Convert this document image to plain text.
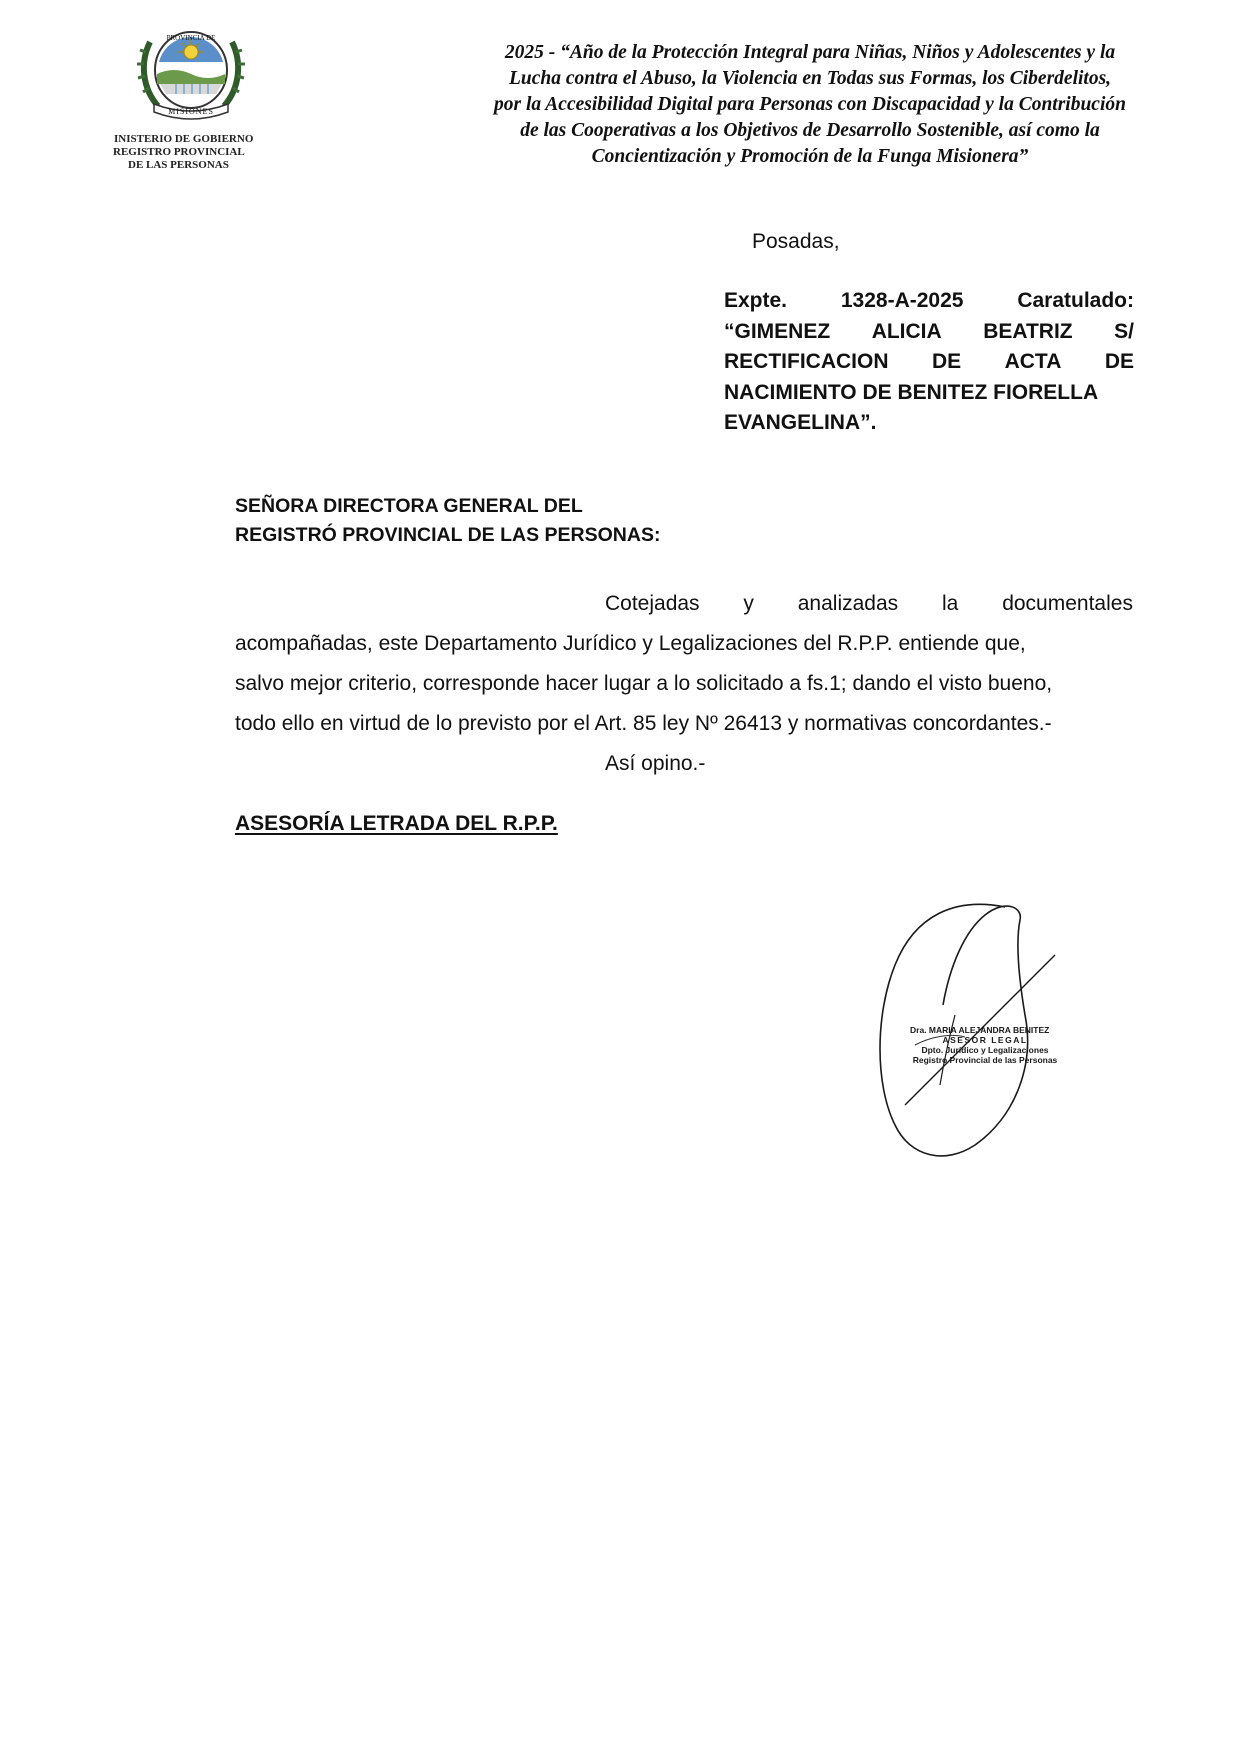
PROVINCIA DE
MISIONES
INISTERIO DE GOBIERNO
REGISTRO PROVINCIAL
DE LAS PERSONAS
2025 - “Año de la Protección Integral para Niñas, Niños y Adolescentes y la
Lucha contra el Abuso, la Violencia en Todas sus Formas, los Ciberdelitos,
por la Accesibilidad Digital para Personas con Discapacidad y la Contribución
de las Cooperativas a los Objetivos de Desarrollo Sostenible, así como la
Concientización y Promoción de la Funga Misionera”
Posadas,
Expte.	1328-A-2025	Caratulado:
“GIMENEZ ALICIA BEATRIZ S/
RECTIFICACION DE ACTA DE
NACIMIENTO DE BENITEZ FIORELLA
EVANGELINA”.
SEÑORA DIRECTORA GENERAL DEL
REGISTRÓ PROVINCIAL DE LAS PERSONAS:
Cotejadas y analizadas la documentales
acompañadas, este Departamento Jurídico y Legalizaciones del R.P.P. entiende que,
salvo mejor criterio, corresponde hacer lugar a lo solicitado a fs.1; dando el visto bueno,
todo ello en virtud de lo previsto por el Art. 85 ley Nº 26413 y normativas concordantes.-
Así opino.-
ASESORÍA LETRADA DEL R.P.P.
Dra. MARIA ALEJANDRA BENITEZ
ASESOR LEGAL
Dpto. Jurídico y Legalizaciones
Registro Provincial de las Personas
